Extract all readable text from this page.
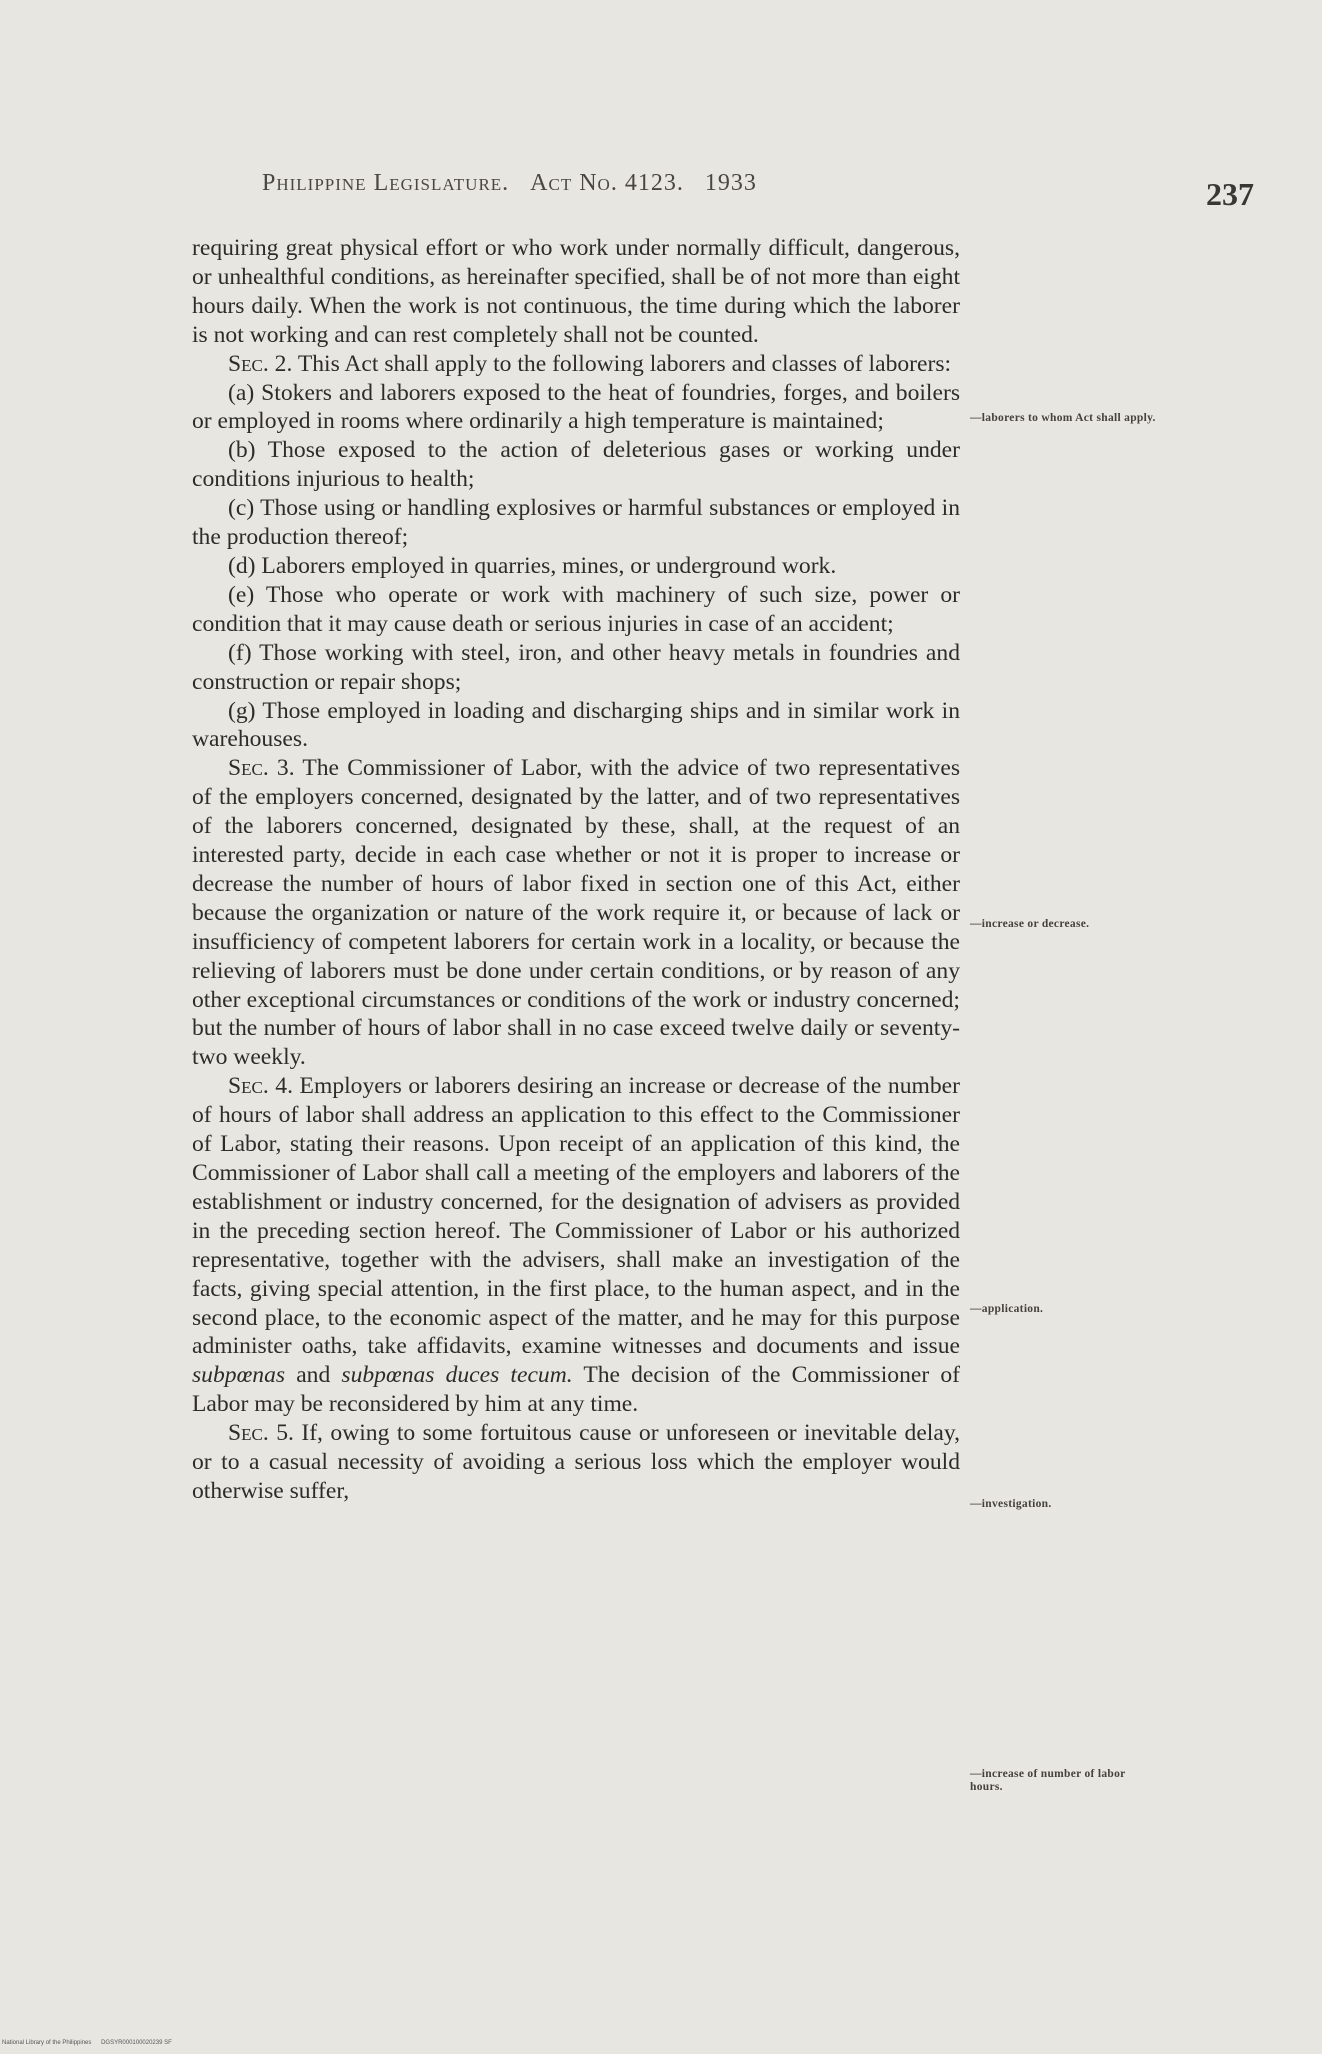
Philippine Legislature. Act No. 4123. 1933	237

requiring great physical effort or who work under normally difficult, dangerous, or unhealthful conditions, as hereinafter specified, shall be of not more than eight hours daily. When the work is not continuous, the time during which the laborer is not working and can rest completely shall not be counted.

Sec. 2. This Act shall apply to the following laborers and classes of laborers:

(a) Stokers and laborers exposed to the heat of foundries, forges, and boilers or employed in rooms where ordinarily a high temperature is maintained;

(b) Those exposed to the action of deleterious gases or working under conditions injurious to health;

(c) Those using or handling explosives or harmful substances or employed in the production thereof;

(d) Laborers employed in quarries, mines, or underground work.

(e) Those who operate or work with machinery of such size, power or condition that it may cause death or serious injuries in case of an accident;

(f) Those working with steel, iron, and other heavy metals in foundries and construction or repair shops;

(g) Those employed in loading and discharging ships and in similar work in warehouses.

Sec. 3. The Commissioner of Labor, with the advice of two representatives of the employers concerned, designated by the latter, and of two representatives of the laborers concerned, designated by these, shall, at the request of an interested party, decide in each case whether or not it is proper to increase or decrease the number of hours of labor fixed in section one of this Act, either because the organization or nature of the work require it, or because of lack or insufficiency of competent laborers for certain work in a locality, or because the relieving of laborers must be done under certain conditions, or by reason of any other exceptional circumstances or conditions of the work or industry concerned; but the number of hours of labor shall in no case exceed twelve daily or seventy-two weekly.

Sec. 4. Employers or laborers desiring an increase or decrease of the number of hours of labor shall address an application to this effect to the Commissioner of Labor, stating their reasons. Upon receipt of an application of this kind, the Commissioner of Labor shall call a meeting of the employers and laborers of the establishment or industry concerned, for the designation of advisers as provided in the preceding section hereof. The Commissioner of Labor or his authorized representative, together with the advisers, shall make an investigation of the facts, giving special attention, in the first place, to the human aspect, and in the second place, to the economic aspect of the matter, and he may for this purpose administer oaths, take affidavits, examine witnesses and documents and issue subpœnas and subpœnas duces tecum. The decision of the Commissioner of Labor may be reconsidered by him at any time.

Sec. 5. If, owing to some fortuitous cause or unforeseen or inevitable delay, or to a casual necessity of avoiding a serious loss which the employer would otherwise suffer,

—laborers to whom Act shall apply.
—increase or decrease.
—application.
—investigation.
—increase of number of labor hours.
National Library of the Philippines DGSYR000100020239 SF
